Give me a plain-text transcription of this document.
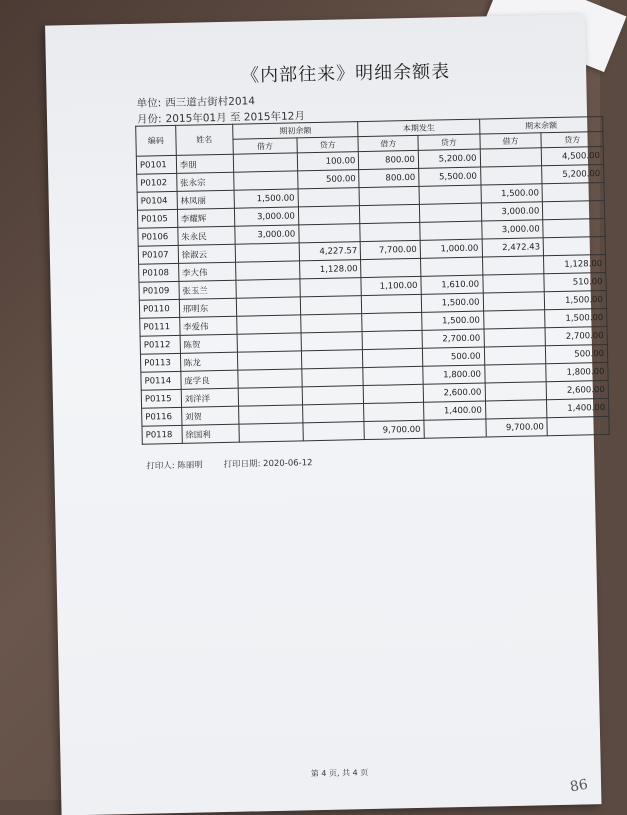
《内部往来》明细余额表
单位: 西三道古街村2014
月份: 2015年01月 至 2015年12月
编码	姓名	期初余额		本期发生		期末余额	
		借方	贷方	借方	贷方	借方	贷方
P0101	李朋		100.00	800.00	5,200.00		4,500.00
P0102	张永宗		500.00	800.00	5,500.00		5,200.00
P0104	林凤丽	1,500.00				1,500.00	
P0105	李耀辉	3,000.00				3,000.00	
P0106	朱永民	3,000.00				3,000.00	
P0107	徐淑云		4,227.57	7,700.00	1,000.00	2,472.43	
P0108	李大伟		1,128.00				1,128.00
P0109	张玉兰			1,100.00	1,610.00		510.00
P0110	邢明东				1,500.00		1,500.00
P0111	李爱伟				1,500.00		1,500.00
P0112	陈贺				2,700.00		2,700.00
P0113	陈龙				500.00		500.00
P0114	庞学良				1,800.00		1,800.00
P0115	刘洋洋				2,600.00		2,600.00
P0116	刘贺				1,400.00		1,400.00
P0118	徐国利			9,700.00		9,700.00	
打印人: 陈丽明 打印日期: 2020-06-12
第 4 页, 共 4 页
86
